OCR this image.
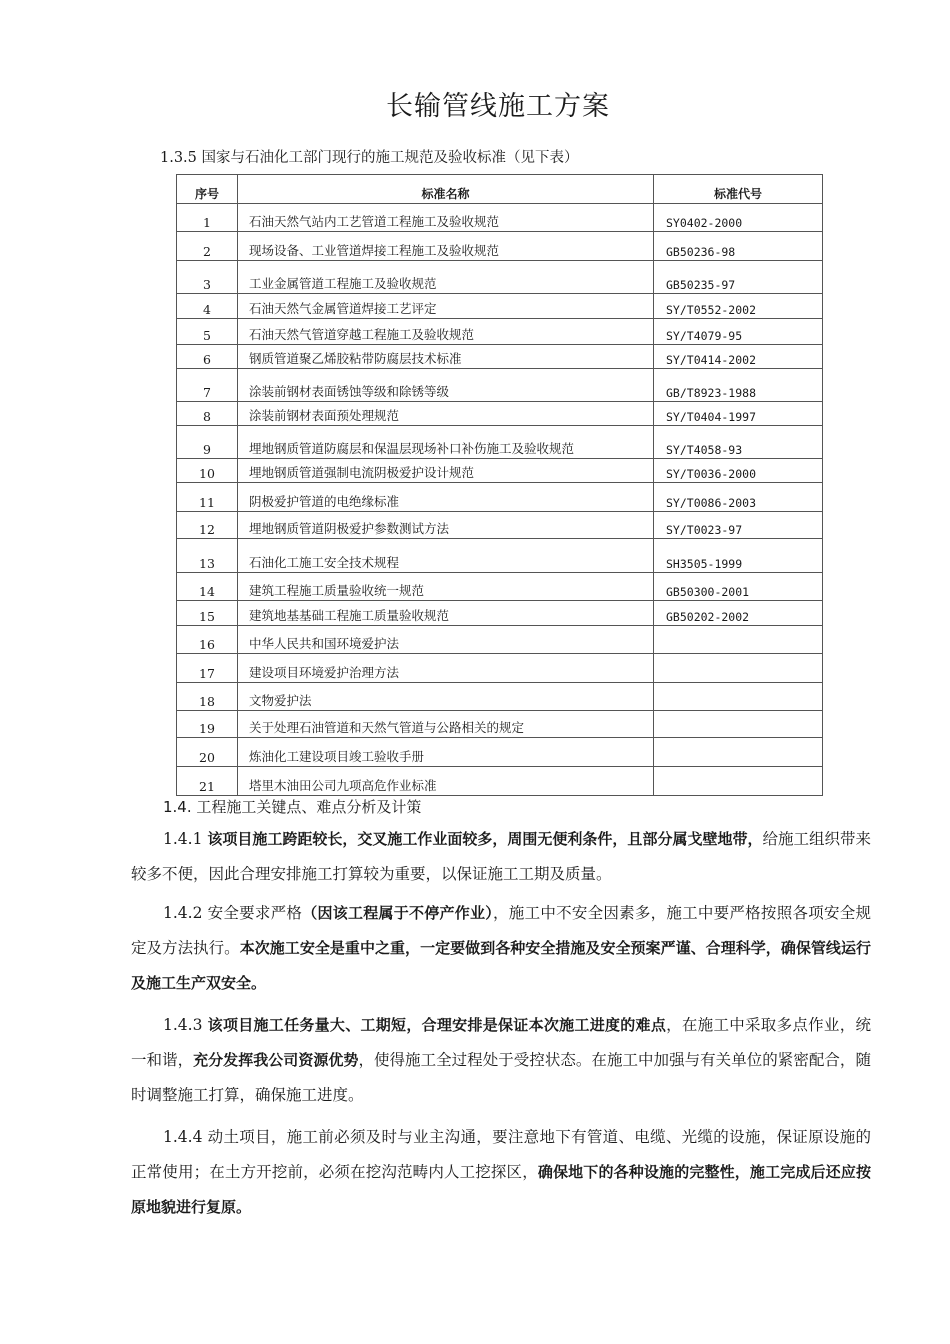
长输管线施工方案
1.3.5 国家与石油化工部门现行的施工规范及验收标准（见下表）
序号	标准名称	标准代号
1	石油天然气站内工艺管道工程施工及验收规范	SY0402-2000
2	现场设备、工业管道焊接工程施工及验收规范	GB50236-98
3	工业金属管道工程施工及验收规范	GB50235-97
4	石油天然气金属管道焊接工艺评定	SY/T0552-2002
5	石油天然气管道穿越工程施工及验收规范	SY/T4079-95
6	钢质管道聚乙烯胶粘带防腐层技术标准	SY/T0414-2002
7	涂装前钢材表面锈蚀等级和除锈等级	GB/T8923-1988
8	涂装前钢材表面预处理规范	SY/T0404-1997
9	埋地钢质管道防腐层和保温层现场补口补伤施工及验收规范	SY/T4058-93
10	埋地钢质管道强制电流阴极爱护设计规范	SY/T0036-2000
11	阴极爱护管道的电绝缘标准	SY/T0086-2003
12	埋地钢质管道阴极爱护参数测试方法	SY/T0023-97
13	石油化工施工安全技术规程	SH3505-1999
14	建筑工程施工质量验收统一规范	GB50300-2001
15	建筑地基基础工程施工质量验收规范	GB50202-2002
16	中华人民共和国环境爱护法	
17	建设项目环境爱护治理方法	
18	文物爱护法	
19	关于处理石油管道和天然气管道与公路相关的规定	
20	炼油化工建设项目竣工验收手册	
21	塔里木油田公司九项高危作业标准	
1.4. 工程施工关键点、难点分析及计策

1.4.1 该项目施工跨距较长，交叉施工作业面较多，周围无便利条件，且部分属戈壁地带，给施工组织带来较多不便，因此合理安排施工打算较为重要，以保证施工工期及质量。

1.4.2 安全要求严格（因该工程属于不停产作业），施工中不安全因素多，施工中要严格按照各项安全规定及方法执行。本次施工安全是重中之重，一定要做到各种安全措施及安全预案严谨、合理科学，确保管线运行及施工生产双安全。

1.4.3 该项目施工任务量大、工期短，合理安排是保证本次施工进度的难点，在施工中采取多点作业，统一和谐，充分发挥我公司资源优势，使得施工全过程处于受控状态。在施工中加强与有关单位的紧密配合，随时调整施工打算，确保施工进度。

1.4.4 动土项目，施工前必须及时与业主沟通，要注意地下有管道、电缆、光缆的设施，保证原设施的正常使用；在土方开挖前，必须在挖沟范畴内人工挖探区，确保地下的各种设施的完整性，施工完成后还应按原地貌进行复原。
